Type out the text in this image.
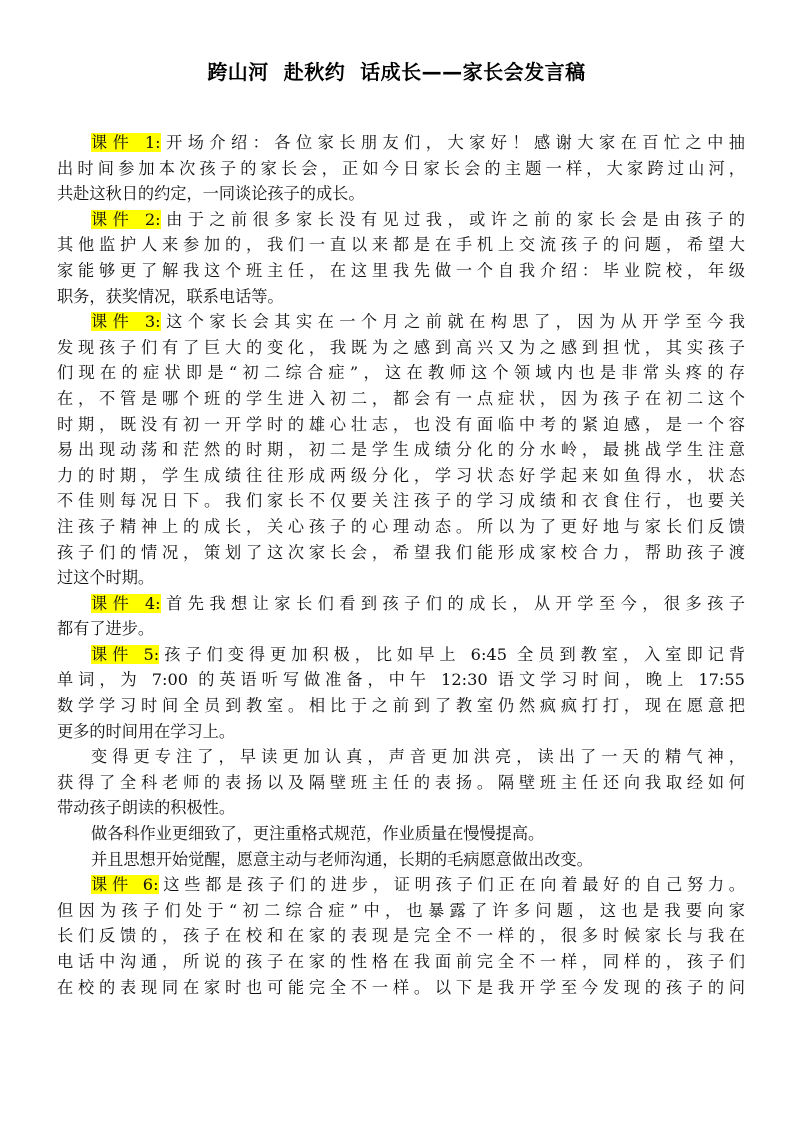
跨山河  赴秋约  话成长——家长会发言稿
课件 1:开场介绍：各位家长朋友们，大家好！感谢大家在百忙之中抽
出时间参加本次孩子的家长会，正如今日家长会的主题一样，大家跨过山河，
共赴这秋日的约定，一同谈论孩子的成长。
课件 2:由于之前很多家长没有见过我，或许之前的家长会是由孩子的
其他监护人来参加的，我们一直以来都是在手机上交流孩子的问题，希望大
家能够更了解我这个班主任，在这里我先做一个自我介绍：毕业院校，年级
职务，获奖情况，联系电话等。
课件 3:这个家长会其实在一个月之前就在构思了，因为从开学至今我
发现孩子们有了巨大的变化，我既为之感到高兴又为之感到担忧，其实孩子
们现在的症状即是“初二综合症”，这在教师这个领域内也是非常头疼的存
在，不管是哪个班的学生进入初二，都会有一点症状，因为孩子在初二这个
时期，既没有初一开学时的雄心壮志，也没有面临中考的紧迫感，是一个容
易出现动荡和茫然的时期，初二是学生成绩分化的分水岭，最挑战学生注意
力的时期，学生成绩往往形成两级分化，学习状态好学起来如鱼得水，状态
不佳则每况日下。我们家长不仅要关注孩子的学习成绩和衣食住行，也要关
注孩子精神上的成长，关心孩子的心理动态。所以为了更好地与家长们反馈
孩子们的情况，策划了这次家长会，希望我们能形成家校合力，帮助孩子渡
过这个时期。
课件 4:首先我想让家长们看到孩子们的成长，从开学至今，很多孩子
都有了进步。
课件 5:孩子们变得更加积极，比如早上 6:45 全员到教室，入室即记背
单词，为 7:00 的英语听写做准备，中午 12:30 语文学习时间，晚上 17:55
数学学习时间全员到教室。相比于之前到了教室仍然疯疯打打，现在愿意把
更多的时间用在学习上。
变得更专注了，早读更加认真，声音更加洪亮，读出了一天的精气神，
获得了全科老师的表扬以及隔壁班主任的表扬。隔壁班主任还向我取经如何
带动孩子朗读的积极性。
做各科作业更细致了，更注重格式规范，作业质量在慢慢提高。
并且思想开始觉醒，愿意主动与老师沟通，长期的毛病愿意做出改变。
课件 6:这些都是孩子们的进步，证明孩子们正在向着最好的自己努力。
但因为孩子们处于“初二综合症”中，也暴露了许多问题，这也是我要向家
长们反馈的，孩子在校和在家的表现是完全不一样的，很多时候家长与我在
电话中沟通，所说的孩子在家的性格在我面前完全不一样，同样的，孩子们
在校的表现同在家时也可能完全不一样。以下是我开学至今发现的孩子的问
